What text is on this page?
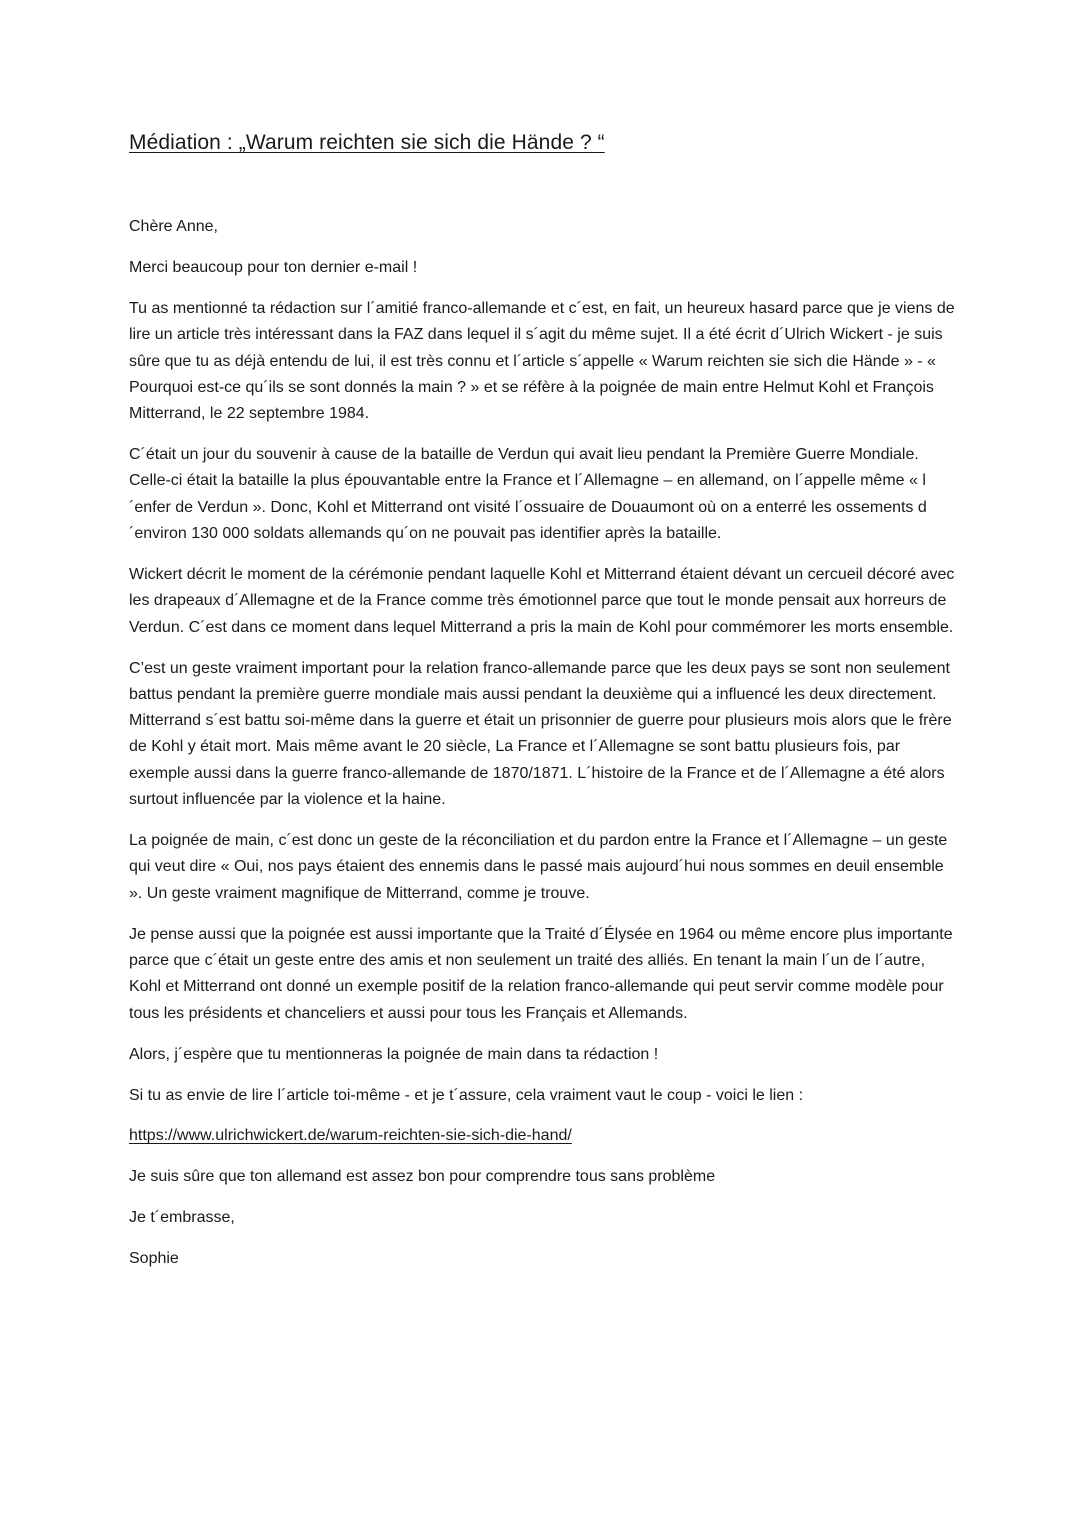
Médiation : „Warum reichten sie sich die Hände ? “

Chère Anne,

Merci beaucoup pour ton dernier e-mail !

Tu as mentionné ta rédaction sur l´amitié franco-allemande et c´est, en fait, un heureux hasard parce que je viens de lire un article très intéressant dans la FAZ dans lequel il s´agit du même sujet. Il a été écrit d´Ulrich Wickert - je suis sûre que tu as déjà entendu de lui, il est très connu et l´article s´appelle « Warum reichten sie sich die Hände » - « Pourquoi est-ce qu´ils se sont donnés la main ? » et se réfère à la poignée de main entre Helmut Kohl et François Mitterrand, le 22 septembre 1984.

C´était un jour du souvenir à cause de la bataille de Verdun qui avait lieu pendant la Première Guerre Mondiale. Celle-ci était la bataille la plus épouvantable entre la France et l´Allemagne – en allemand, on l´appelle même « l´enfer de Verdun ». Donc, Kohl et Mitterrand ont visité l´ossuaire de Douaumont où on a enterré les ossements d´environ 130 000 soldats allemands qu´on ne pouvait pas identifier après la bataille.

Wickert décrit le moment de la cérémonie pendant laquelle Kohl et Mitterrand étaient dévant un cercueil décoré avec les drapeaux d´Allemagne et de la France comme très émotionnel parce que tout le monde pensait aux horreurs de Verdun. C´est dans ce moment dans lequel Mitterrand a pris la main de Kohl pour commémorer les morts ensemble.

C’est un geste vraiment important pour la relation franco-allemande parce que les deux pays se sont non seulement battus pendant la première guerre mondiale mais aussi pendant la deuxième qui a influencé les deux directement. Mitterrand s´est battu soi-même dans la guerre et était un prisonnier de guerre pour plusieurs mois alors que le frère de Kohl y était mort. Mais même avant le 20 siècle, La France et l´Allemagne se sont battu plusieurs fois, par exemple aussi dans la guerre franco-allemande de 1870/1871. L´histoire de la France et de l´Allemagne a été alors surtout influencée par la violence et la haine.

La poignée de main, c´est donc un geste de la réconciliation et du pardon entre la France et l´Allemagne – un geste qui veut dire « Oui, nos pays étaient des ennemis dans le passé mais aujourd´hui nous sommes en deuil ensemble ». Un geste vraiment magnifique de Mitterrand, comme je trouve.

Je pense aussi que la poignée est aussi importante que la Traité d´Élysée en 1964 ou même encore plus importante parce que c´était un geste entre des amis et non seulement un traité des alliés. En tenant la main l´un de l´autre, Kohl et Mitterrand ont donné un exemple positif de la relation franco-allemande qui peut servir comme modèle pour tous les présidents et chanceliers et aussi pour tous les Français et Allemands.

Alors, j´espère que tu mentionneras la poignée de main dans ta rédaction !

Si tu as envie de lire l´article toi-même - et je t´assure, cela vraiment vaut le coup - voici le lien :

https://www.ulrichwickert.de/warum-reichten-sie-sich-die-hand/

Je suis sûre que ton allemand est assez bon pour comprendre tous sans problème

Je t´embrasse,

Sophie
